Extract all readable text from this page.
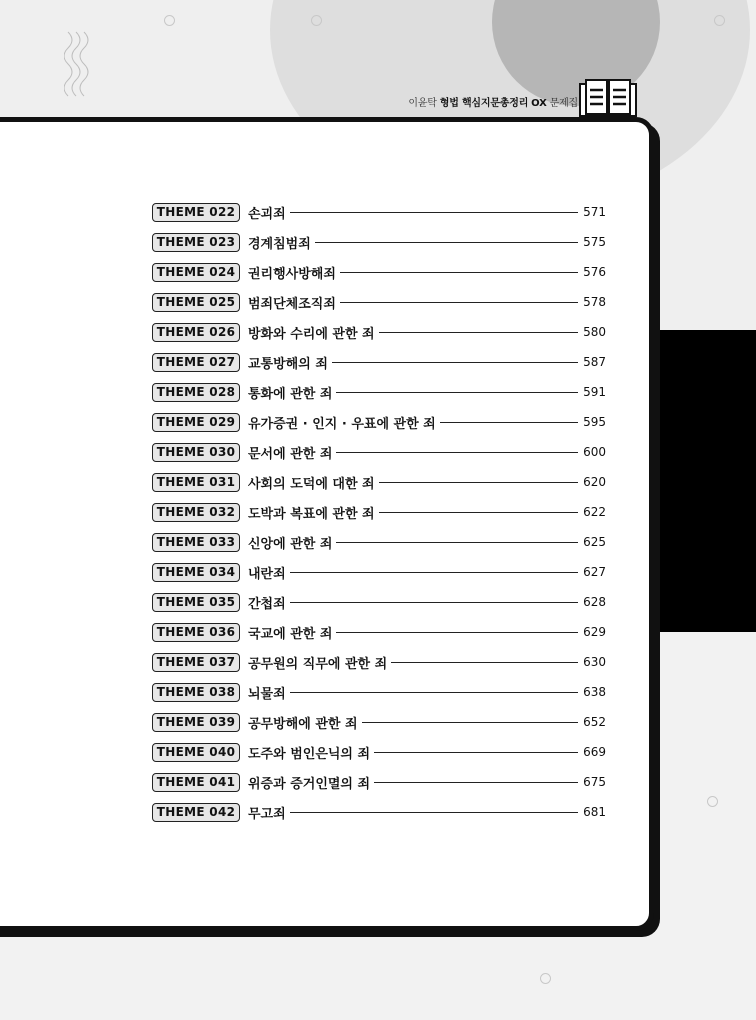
이윤탁 형법 핵심지문총정리 OX 문제집
THEME 022 손괴죄	571
THEME 023 경계침범죄	575
THEME 024 권리행사방해죄	576
THEME 025 범죄단체조직죄	578
THEME 026 방화와 수리에 관한 죄	580
THEME 027 교통방해의 죄	587
THEME 028 통화에 관한 죄	591
THEME 029 유가증권 · 인지 · 우표에 관한 죄	595
THEME 030 문서에 관한 죄	600
THEME 031 사회의 도덕에 대한 죄	620
THEME 032 도박과 복표에 관한 죄	622
THEME 033 신앙에 관한 죄	625
THEME 034 내란죄	627
THEME 035 간첩죄	628
THEME 036 국교에 관한 죄	629
THEME 037 공무원의 직무에 관한 죄	630
THEME 038 뇌물죄	638
THEME 039 공무방해에 관한 죄	652
THEME 040 도주와 범인은닉의 죄	669
THEME 041 위증과 증거인멸의 죄	675
THEME 042 무고죄	681
